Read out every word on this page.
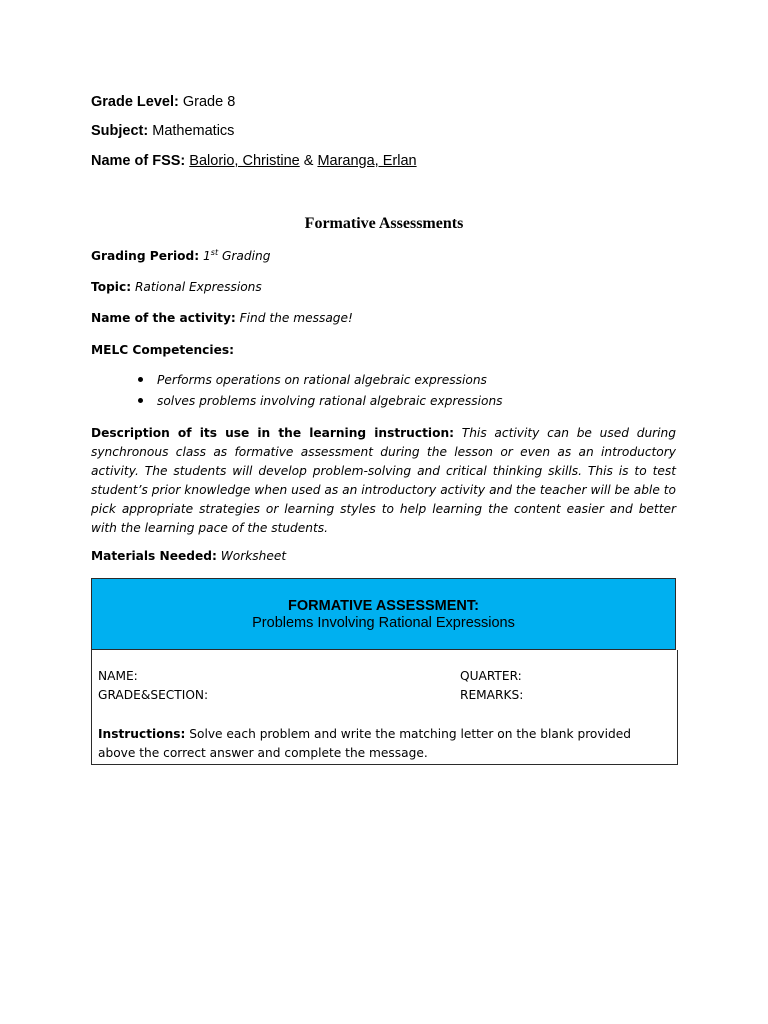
Grade Level: Grade 8
Subject: Mathematics
Name of FSS: Balorio, Christine & Maranga, Erlan
Formative Assessments
Grading Period: 1st Grading
Topic: Rational Expressions
Name of the activity: Find the message!
MELC Competencies:
Performs operations on rational algebraic expressions
solves problems involving rational algebraic expressions
Description of its use in the learning instruction: This activity can be used during synchronous class as formative assessment during the lesson or even as an introductory activity. The students will develop problem-solving and critical thinking skills. This is to test student’s prior knowledge when used as an introductory activity and the teacher will be able to pick appropriate strategies or learning styles to help learning the content easier and better with the learning pace of the students.
Materials Needed: Worksheet
FORMATIVE ASSESSMENT:
Problems Involving Rational Expressions
NAME:
GRADE&SECTION:
QUARTER:
REMARKS:
Instructions: Solve each problem and write the matching letter on the blank provided above the correct answer and complete the message.
